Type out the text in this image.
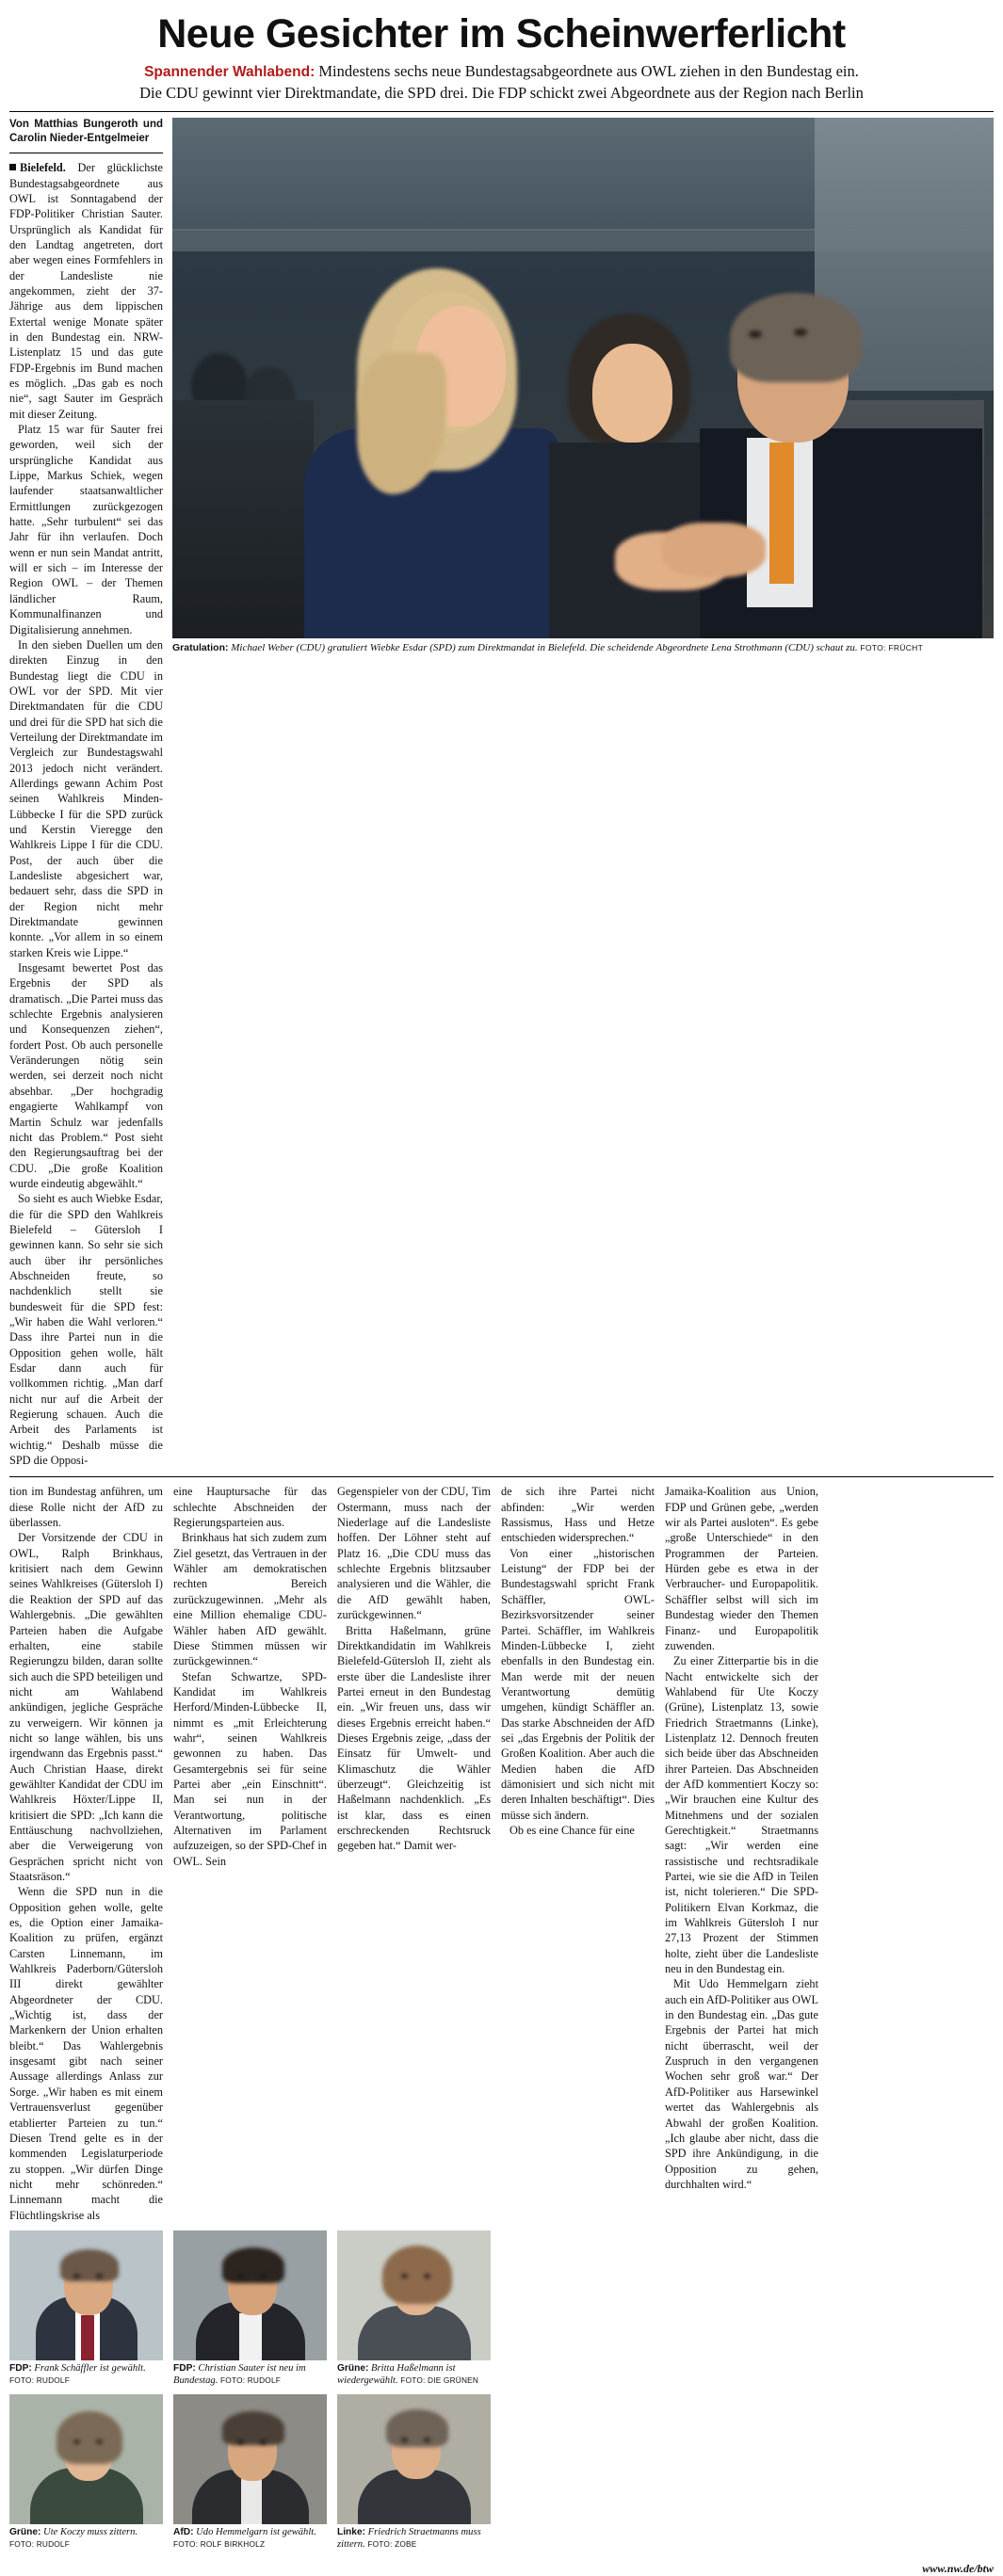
Neue Gesichter im Scheinwerferlicht
Spannender Wahlabend: Mindestens sechs neue Bundestagsabgeordnete aus OWL ziehen in den Bundestag ein.
Die CDU gewinnt vier Direktmandate, die SPD drei. Die FDP schickt zwei Abgeordnete aus der Region nach Berlin
Von Matthias Bungeroth und Carolin Nieder-Entgelmeier

Bielefeld. Der glücklichste Bundestagsabgeordnete aus OWL ist Sonntagabend der FDP-Politiker Christian Sauter. Ursprünglich als Kandidat für den Landtag angetreten, dort aber wegen eines Formfehlers in der Landesliste nie angekommen, zieht der 37-Jährige aus dem lippischen Extertal wenige Monate später in den Bundestag ein. NRW-Listenplatz 15 und das gute FDP-Ergebnis im Bund machen es möglich. „Das gab es noch nie“, sagt Sauter im Gespräch mit dieser Zeitung.

Platz 15 war für Sauter frei geworden, weil sich der ursprüngliche Kandidat aus Lippe, Markus Schiek, wegen laufender staatsanwaltlicher Ermittlungen zurückgezogen hatte. „Sehr turbulent“ sei das Jahr für ihn verlaufen. Doch wenn er nun sein Mandat antritt, will er sich – im Interesse der Region OWL – der Themen ländlicher Raum, Kommunalfinanzen und Digitalisierung annehmen.

In den sieben Duellen um den direkten Einzug in den Bundestag liegt die CDU in OWL vor der SPD. Mit vier Direktmandaten für die CDU und drei für die SPD hat sich die Verteilung der Direktmandate im Vergleich zur Bundestagswahl 2013 jedoch nicht verändert. Allerdings gewann Achim Post seinen Wahlkreis Minden-Lübbecke I für die SPD zurück und Kerstin Vieregge den Wahlkreis Lippe I für die CDU. Post, der auch über die Landesliste abgesichert war, bedauert sehr, dass die SPD in der Region nicht mehr Direktmandate gewinnen konnte. „Vor allem in so einem starken Kreis wie Lippe.“

Insgesamt bewertet Post das Ergebnis der SPD als dramatisch. „Die Partei muss das schlechte Ergebnis analysieren und Konsequenzen ziehen“, fordert Post. Ob auch personelle Veränderungen nötig sein werden, sei derzeit noch nicht absehbar. „Der hochgradig engagierte Wahlkampf von Martin Schulz war jedenfalls nicht das Problem.“ Post sieht den Regierungsauftrag bei der CDU. „Die große Koalition wurde eindeutig abgewählt.“

So sieht es auch Wiebke Esdar, die für die SPD den Wahlkreis Bielefeld – Gütersloh I gewinnen kann. So sehr sie sich auch über ihr persönliches Abschneiden freute, so nachdenklich stellt sie bundesweit für die SPD fest: „Wir haben die Wahl verloren.“ Dass ihre Partei nun in die Opposition gehen wolle, hält Esdar dann auch für vollkommen richtig. „Man darf nicht nur auf die Arbeit der Regierung schauen. Auch die Arbeit des Parlaments ist wichtig.“ Deshalb müsse die SPD die Opposi-

Gratulation: Michael Weber (CDU) gratuliert Wiebke Esdar (SPD) zum Direktmandat in Bielefeld. Die scheidende Abgeordnete Lena Strothmann (CDU) schaut zu. FOTO: FRÜCHT

tion im Bundestag anführen, um diese Rolle nicht der AfD zu überlassen.

Der Vorsitzende der CDU in OWL, Ralph Brinkhaus, kritisiert nach dem Gewinn seines Wahlkreises (Gütersloh I) die Reaktion der SPD auf das Wahlergebnis. „Die gewählten Parteien haben die Aufgabe erhalten, eine stabile Regierungzu bilden, daran sollte sich auch die SPD beteiligen und nicht am Wahlabend ankündigen, jegliche Gespräche zu verweigern. Wir können ja nicht so lange wählen, bis uns irgendwann das Ergebnis passt.“ Auch Christian Haase, direkt gewählter Kandidat der CDU im Wahlkreis Höxter/Lippe II, kritisiert die SPD: „Ich kann die Enttäuschung nachvollziehen, aber die Verweigerung von Gesprächen spricht nicht von Staatsräson.“

Wenn die SPD nun in die Opposition gehen wolle, gelte es, die Option einer Jamaika-Koalition zu prüfen, ergänzt Carsten Linnemann, im Wahlkreis Paderborn/Gütersloh III direkt gewählter Abgeordneter der CDU. „Wichtig ist, dass der Markenkern der Union erhalten bleibt.“ Das Wahlergebnis insgesamt gibt nach seiner Aussage allerdings Anlass zur Sorge. „Wir haben es mit einem Vertrauensverlust gegenüber etablierter Parteien zu tun.“ Diesen Trend gelte es in der kommenden Legislaturperiode zu stoppen. „Wir dürfen Dinge nicht mehr schönreden.“ Linnemann macht die Flüchtlingskrise als

eine Hauptursache für das schlechte Abschneiden der Regierungsparteien aus.

Brinkhaus hat sich zudem zum Ziel gesetzt, das Vertrauen in der Wähler am demokratischen rechten Bereich zurückzugewinnen. „Mehr als eine Million ehemalige CDU-Wähler haben AfD gewählt. Diese Stimmen müssen wir zurückgewinnen.“

Stefan Schwartze, SPD-Kandidat im Wahlkreis Herford/Minden-Lübbecke II, nimmt es „mit Erleichterung wahr“, seinen Wahlkreis gewonnen zu haben. Das Gesamtergebnis sei für seine Partei aber „ein Einschnitt“. Man sei nun in der Verantwortung, politische Alternativen im Parlament aufzuzeigen, so der SPD-Chef in OWL. Sein

Gegenspieler von der CDU, Tim Ostermann, muss nach der Niederlage auf die Landesliste hoffen. Der Löhner steht auf Platz 16. „Die CDU muss das schlechte Ergebnis blitzsauber analysieren und die Wähler, die die AfD gewählt haben, zurückgewinnen.“

Britta Haßelmann, grüne Direktkandidatin im Wahlkreis Bielefeld-Gütersloh II, zieht als erste über die Landesliste ihrer Partei erneut in den Bundestag ein. „Wir freuen uns, dass wir dieses Ergebnis erreicht haben.“ Dieses Ergebnis zeige, „dass der Einsatz für Umwelt- und Klimaschutz die Wähler überzeugt“. Gleichzeitig ist Haßelmann nachdenklich. „Es ist klar, dass es einen erschreckenden Rechtsruck gegeben hat.“ Damit wer-

de sich ihre Partei nicht abfinden: „Wir werden Rassismus, Hass und Hetze entschieden widersprechen.“

Von einer „historischen Leistung“ der FDP bei der Bundestagswahl spricht Frank Schäffler, OWL-Bezirksvorsitzender seiner Partei. Schäffler, im Wahlkreis Minden-Lübbecke I, zieht ebenfalls in den Bundestag ein. Man werde mit der neuen Verantwortung demütig umgehen, kündigt Schäffler an. Das starke Abschneiden der AfD sei „das Ergebnis der Politik der Großen Koalition. Aber auch die Medien haben die AfD dämonisiert und sich nicht mit deren Inhalten beschäftigt“. Dies müsse sich ändern.

Ob es eine Chance für eine

Jamaika-Koalition aus Union, FDP und Grünen gebe, „werden wir als Partei ausloten“. Es gebe „große Unterschiede“ in den Programmen der Parteien. Hürden gebe es etwa in der Verbraucher- und Europapolitik. Schäffler selbst will sich im Bundestag wieder den Themen Finanz- und Europapolitik zuwenden.

Zu einer Zitterpartie bis in die Nacht entwickelte sich der Wahlabend für Ute Koczy (Grüne), Listenplatz 13, sowie Friedrich Straetmanns (Linke), Listenplatz 12. Dennoch freuten sich beide über das Abschneiden ihrer Parteien. Das Abschneiden der AfD kommentiert Koczy so: „Wir brauchen eine Kultur des Mitnehmens und der sozialen Gerechtigkeit.“ Straetmanns sagt: „Wir werden eine rassistische und rechtsradikale Partei, wie sie die AfD in Teilen ist, nicht tolerieren.“ Die SPD-Politikern Elvan Korkmaz, die im Wahlkreis Gütersloh I nur 27,13 Prozent der Stimmen holte, zieht über die Landesliste neu in den Bundestag ein.

Mit Udo Hemmelgarn zieht auch ein AfD-Politiker aus OWL in den Bundestag ein. „Das gute Ergebnis der Partei hat mich nicht überrascht, weil der Zuspruch in den vergangenen Wochen sehr groß war.“ Der AfD-Politiker aus Harsewinkel wertet das Wahlergebnis als Abwahl der großen Koalition. „Ich glaube aber nicht, dass die SPD ihre Ankündigung, in die Opposition zu gehen, durchhalten wird.“

FDP: Frank Schäffler ist gewählt. FOTO: RUDOLF
Grüne: Ute Koczy muss zittern. FOTO: RUDOLF
FDP: Christian Sauter ist neu im Bundestag. FOTO: RUDOLF
AfD: Udo Hemmelgarn ist gewählt. FOTO: ROLF BIRKHOLZ
Grüne: Britta Haßelmann ist wiedergewählt. FOTO: DIE GRÜNEN
Linke: Friedrich Straetmanns muss zittern. FOTO: ZOBE
www.nw.de/btw
